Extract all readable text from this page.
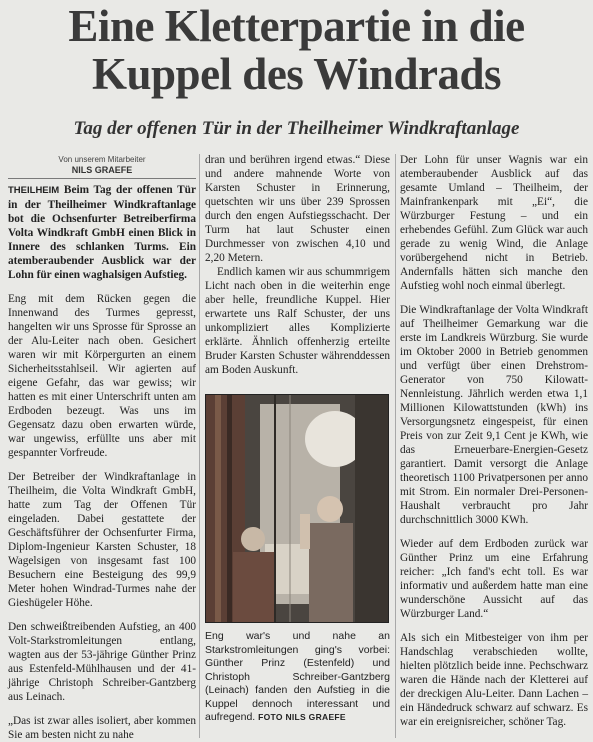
Eine Kletterpartie in die
Kuppel des Windrads
Tag der offenen Tür in der Theilheimer Windkraftanlage
Von unserem Mitarbeiter
NILS GRAEFE

THEILHEIM Beim Tag der offenen Tür in der Theilheimer Windkraftanlage bot die Ochsenfurter Betreiberfirma Volta Windkraft GmbH einen Blick in Innere des schlanken Turms. Ein atemberaubender Ausblick war der Lohn für einen waghalsigen Aufstieg.

Eng mit dem Rücken gegen die Innenwand des Turmes gepresst, hangelten wir uns Sprosse für Sprosse an der Alu-Leiter nach oben. Gesichert waren wir mit Körpergurten an einem Sicherheitsstahlseil. Wir agierten auf eigene Gefahr, das war gewiss; wir hatten es mit einer Unterschrift unten am Erdboden bezeugt. Was uns im Gegensatz dazu oben erwarten würde, war ungewiss, erfüllte uns aber mit gespannter Vorfreude.

Der Betreiber der Windkraftanlage in Theilheim, die Volta Windkraft GmbH, hatte zum Tag der Offenen Tür eingeladen. Dabei gestattete der Geschäftsführer der Ochsenfurter Firma, Diplom-Ingenieur Karsten Schuster, 18 Wagelsigen von insgesamt fast 100 Besuchern eine Besteigung des 99,9 Meter hohen Windrad-Turmes nahe der Gieshügeler Höhe.

Den schweißtreibenden Aufstieg, an 400 Volt-Starkstromleitungen entlang, wagten aus der 53-jährige Günther Prinz aus Estenfeld-Mühlhausen und der 41-jährige Christoph Schreiber-Gantzberg aus Leinach.

„Das ist zwar alles isoliert, aber kommen Sie am besten nicht zu nahe

dran und berühren irgend etwas.“ Diese und andere mahnende Worte von Karsten Schuster in Erinnerung, quetschten wir uns über 239 Sprossen durch den engen Aufstiegsschacht. Der Turm hat laut Schuster einen Durchmesser von zwischen 4,10 und 2,20 Metern.

Endlich kamen wir aus schummrigem Licht nach oben in die weiterhin enge aber helle, freundliche Kuppel. Hier erwartete uns Ralf Schuster, der uns unkompliziert alles Komplizierte erklärte. Ähnlich offenherzig erteilte Bruder Karsten Schuster währenddessen am Boden Auskunft.

Eng war's und nahe an Starkstromleitungen ging's vorbei: Günther Prinz (Estenfeld) und Christoph Schreiber-Gantzberg (Leinach) fanden den Aufstieg in die Kuppel dennoch interessant und aufregend. FOTO NILS GRAEFE

Der Lohn für unser Wagnis war ein atemberaubender Ausblick auf das gesamte Umland – Theilheim, der Mainfrankenpark mit „Ei“, die Würzburger Festung – und ein erhebendes Gefühl. Zum Glück war auch gerade zu wenig Wind, die Anlage vorübergehend nicht in Betrieb. Andernfalls hätten sich manche den Aufstieg wohl noch einmal überlegt.

Die Windkraftanlage der Volta Windkraft auf Theilheimer Gemarkung war die erste im Landkreis Würzburg. Sie wurde im Oktober 2000 in Betrieb genommen und verfügt über einen Drehstrom-Generator von 750 Kilowatt-Nennleistung. Jährlich werden etwa 1,1 Millionen Kilowattstunden (kWh) ins Versorgungsnetz eingespeist, für einen Preis von zur Zeit 9,1 Cent je KWh, wie das Erneuerbare-Energien-Gesetz garantiert. Damit versorgt die Anlage theoretisch 1100 Privatpersonen per anno mit Strom. Ein normaler Drei-Personen-Haushalt verbraucht pro Jahr durchschnittlich 3000 KWh.

Wieder auf dem Erdboden zurück war Günther Prinz um eine Erfahrung reicher: „Ich fand's echt toll. Es war informativ und außerdem hatte man eine wunderschöne Aussicht auf das Würzburger Land.“

Als sich ein Mitbesteiger von ihm per Handschlag verabschieden wollte, hielten plötzlich beide inne. Pechschwarz waren die Hände nach der Kletterei auf der dreckigen Alu-Leiter. Dann Lachen – ein Händedruck schwarz auf schwarz. Es war ein ereignisreicher, schöner Tag.
